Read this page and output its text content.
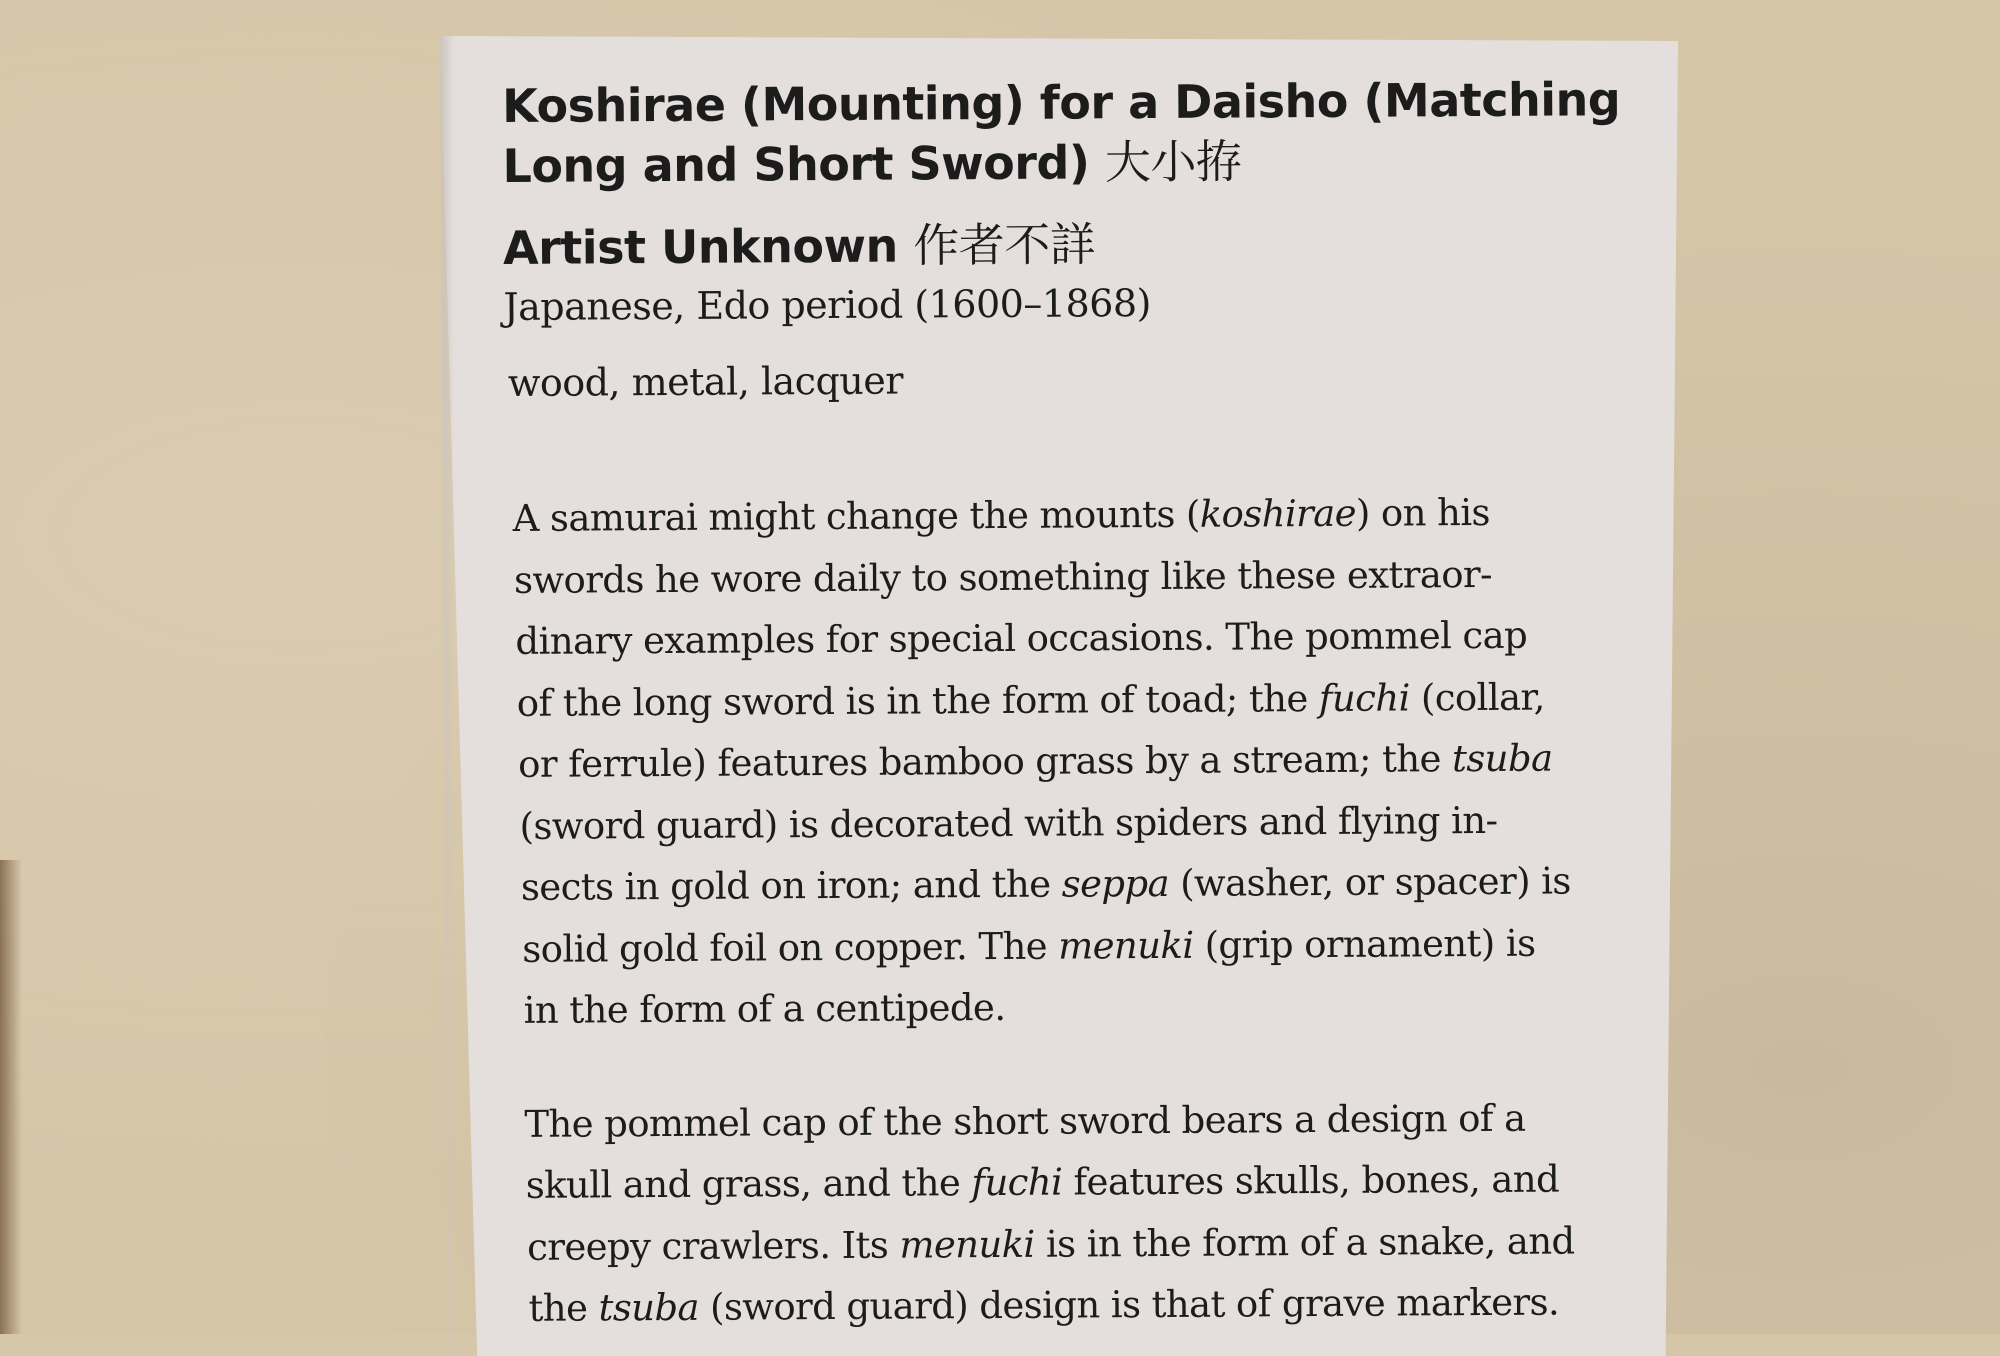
Koshirae (Mounting) for a Daisho (Matching
Long and Short Sword) 大小拵
Artist Unknown 作者不詳

Japanese, Edo period (1600–1868)

wood, metal, lacquer

A samurai might change the mounts (koshirae) on his
swords he wore daily to something like these extraor-
dinary examples for special occasions. The pommel cap
of the long sword is in the form of toad; the fuchi (collar,
or ferrule) features bamboo grass by a stream; the tsuba
(sword guard) is decorated with spiders and flying in-
sects in gold on iron; and the seppa (washer, or spacer) is
solid gold foil on copper. The menuki (grip ornament) is
in the form of a centipede.

The pommel cap of the short sword bears a design of a
skull and grass, and the fuchi features skulls, bones, and
creepy crawlers. Its menuki is in the form of a snake, and
the tsuba (sword guard) design is that of grave markers.
